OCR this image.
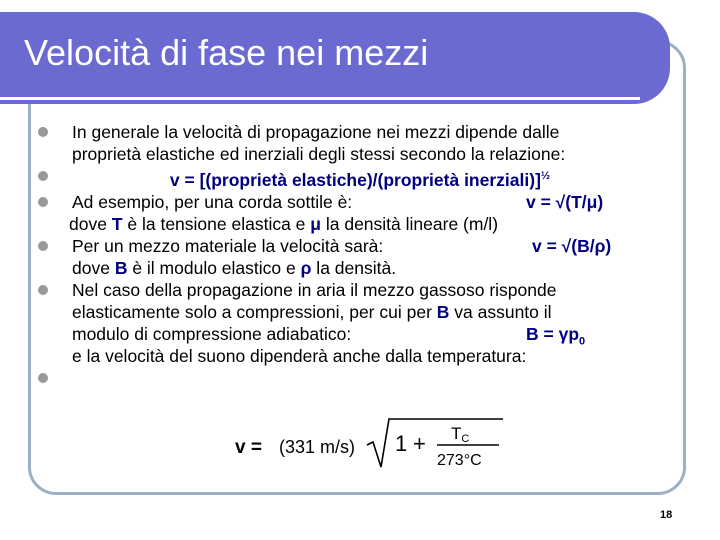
Velocità di fase nei mezzi
In generale la velocità di propagazione nei mezzi dipende dalle
proprietà elastiche ed inerziali degli stessi secondo la relazione:
v = [(proprietà elastiche)/(proprietà inerziali)]$^{\frac{1}{2}}$
Ad esempio, per una corda sottile è:	v = √(T/μ)
dove T è la tensione elastica e μ la densità lineare (m/l)
Per un mezzo materiale la velocità sarà:	v = √(B/ρ)
dove B è il modulo elastico e ρ la densità.
Nel caso della propagazione in aria il mezzo gassoso risponde
elasticamente solo a compressioni, per cui per B va assunto il
modulo di compressione adiabatico:	$B = \gamma p_0$
e la velocità del suono dipenderà anche dalla temperatura:

v = (331 m/s) 1 + TC
273°C
18
